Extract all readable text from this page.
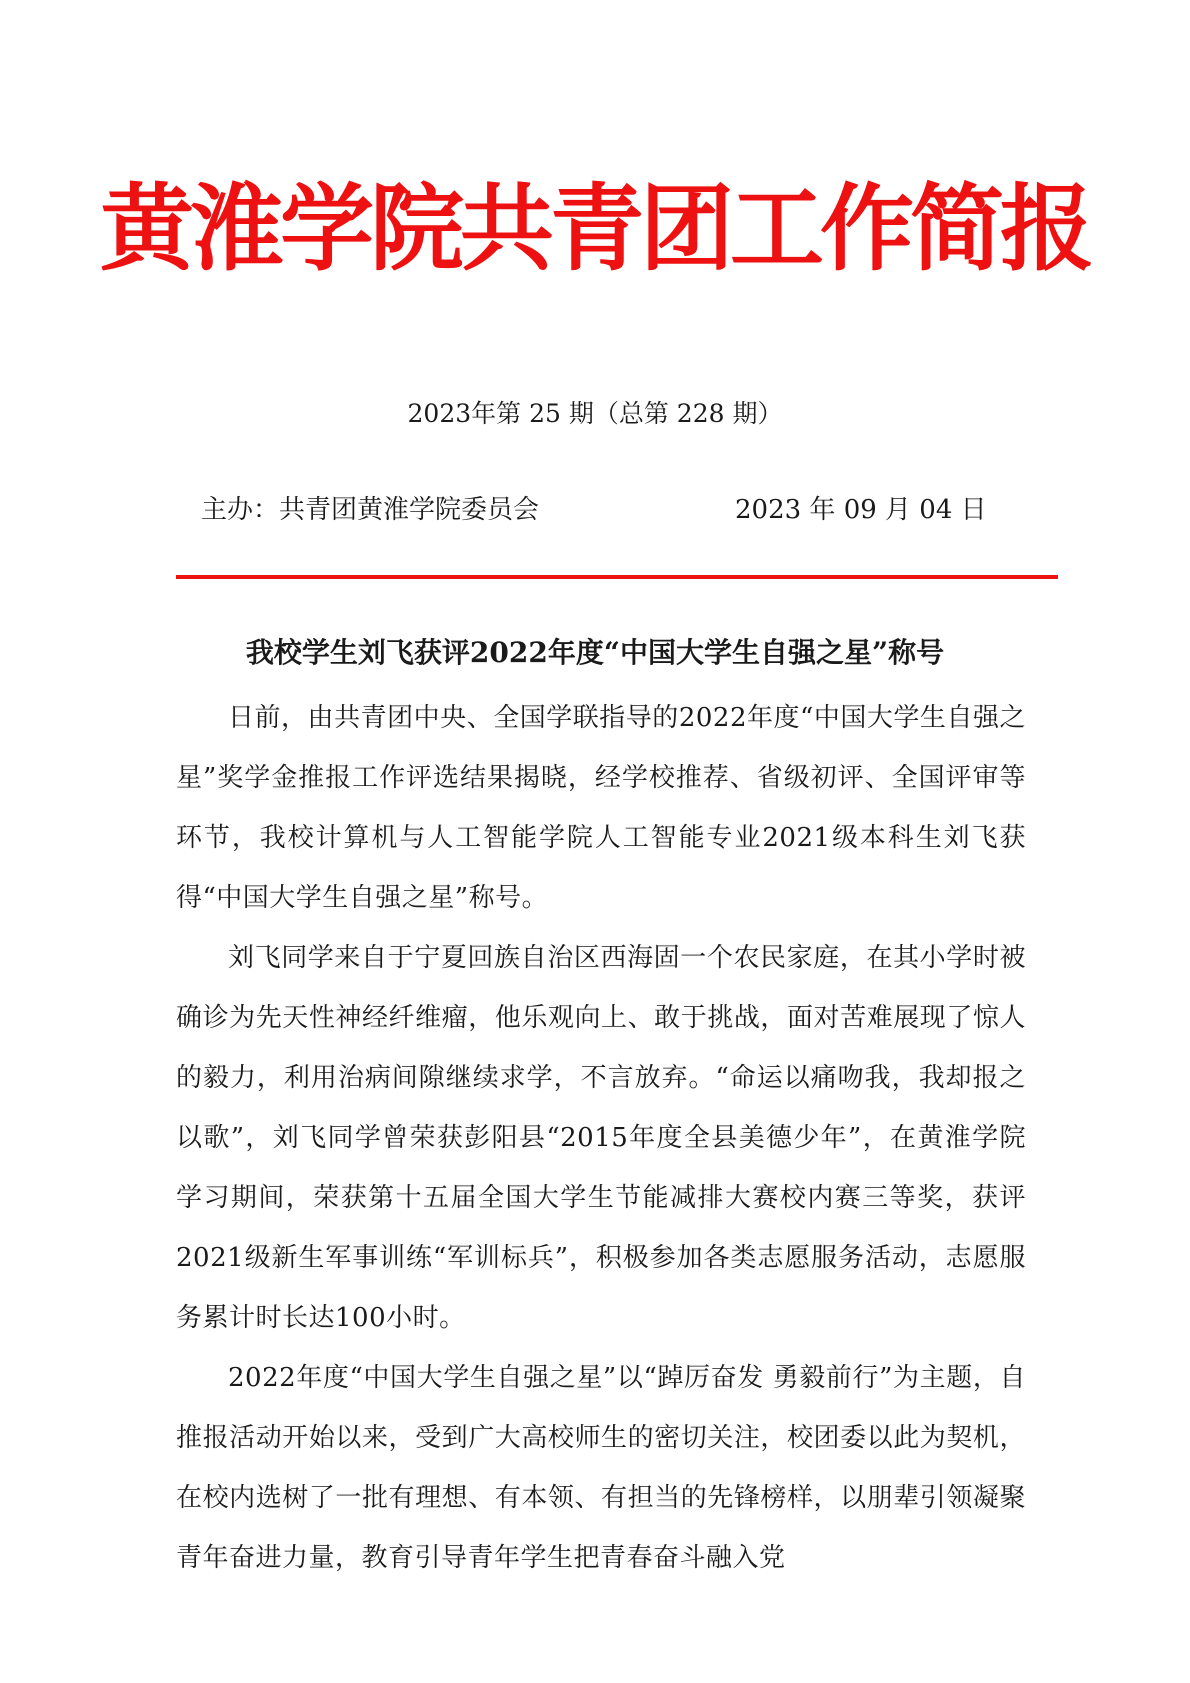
黄淮学院共青团工作简报
2023年第 25 期（总第 228 期）
主办：共青团黄淮学院委员会	2023 年 09 月 04 日
我校学生刘飞获评2022年度“中国大学生自强之星”称号

日前，由共青团中央、全国学联指导的2022年度“中国大学生自强之星”奖学金推报工作评选结果揭晓，经学校推荐、省级初评、全国评审等环节，我校计算机与人工智能学院人工智能专业2021级本科生刘飞获得“中国大学生自强之星”称号。

刘飞同学来自于宁夏回族自治区西海固一个农民家庭，在其小学时被确诊为先天性神经纤维瘤，他乐观向上、敢于挑战，面对苦难展现了惊人的毅力，利用治病间隙继续求学，不言放弃。“命运以痛吻我，我却报之以歌”，刘飞同学曾荣获彭阳县“2015年度全县美德少年”，在黄淮学院学习期间，荣获第十五届全国大学生节能减排大赛校内赛三等奖，获评2021级新生军事训练“军训标兵”，积极参加各类志愿服务活动，志愿服务累计时长达100小时。

2022年度“中国大学生自强之星”以“踔厉奋发 勇毅前行”为主题，自推报活动开始以来，受到广大高校师生的密切关注，校团委以此为契机，在校内选树了一批有理想、有本领、有担当的先锋榜样，以朋辈引领凝聚青年奋进力量，教育引导青年学生把青春奋斗融入党
